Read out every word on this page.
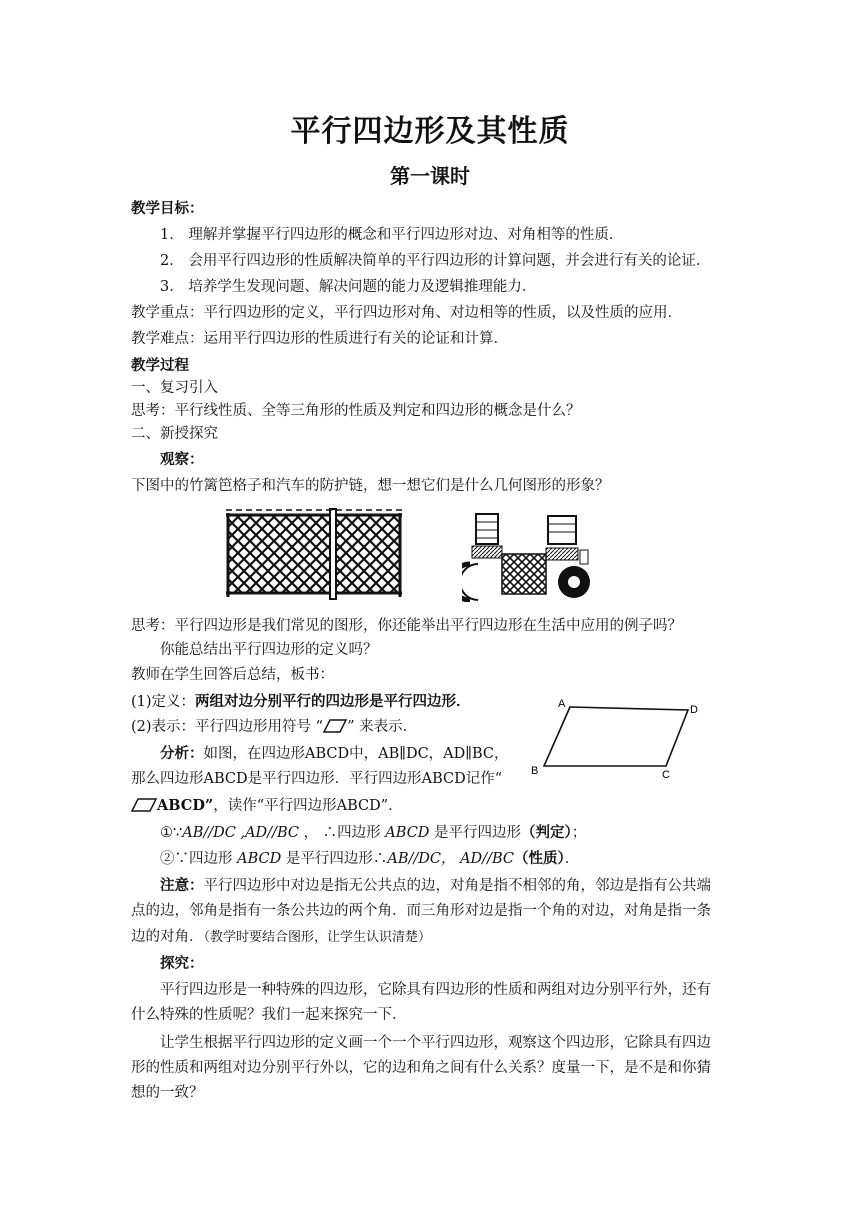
平行四边形及其性质
第一课时
教学目标：
1． 理解并掌握平行四边形的概念和平行四边形对边、对角相等的性质．
2． 会用平行四边形的性质解决简单的平行四边形的计算问题，并会进行有关的论证．
3． 培养学生发现问题、解决问题的能力及逻辑推理能力．
教学重点：平行四边形的定义，平行四边形对角、对边相等的性质，以及性质的应用．
教学难点：运用平行四边形的性质进行有关的论证和计算．
教学过程
一、复习引入
思考：平行线性质、全等三角形的性质及判定和四边形的概念是什么？
二、新授探究
观察：
下图中的竹篱笆格子和汽车的防护链，想一想它们是什么几何图形的形象？
思考：平行四边形是我们常见的图形，你还能举出平行四边形在生活中应用的例子吗？
你能总结出平行四边形的定义吗？
教师在学生回答后总结，板书：
(1)定义：两组对边分别平行的四边形是平行四边形．
(2)表示：平行四边形用符号 “ ” 来表示．
分析：如图，在四边形ABCD中，AB∥DC，AD∥BC，
那么四边形ABCD是平行四边形．平行四边形ABCD记作“
ABCD”，读作“平行四边形ABCD”．
A	D
B	C
①∵AB//DC ,AD//BC ， ∴四边形 ABCD 是平行四边形（判定）；
②∵四边形 ABCD 是平行四边形∴AB//DC， AD//BC（性质）．
注意：平行四边形中对边是指无公共点的边，对角是指不相邻的角，邻边是指有公共端
点的边，邻角是指有一条公共边的两个角．而三角形对边是指一个角的对边，对角是指一条
边的对角．（教学时要结合图形，让学生认识清楚）
探究：
平行四边形是一种特殊的四边形，它除具有四边形的性质和两组对边分别平行外，还有
什么特殊的性质呢？我们一起来探究一下．
让学生根据平行四边形的定义画一个一个平行四边形，观察这个四边形，它除具有四边
形的性质和两组对边分别平行外以，它的边和角之间有什么关系？度量一下，是不是和你猜
想的一致？
